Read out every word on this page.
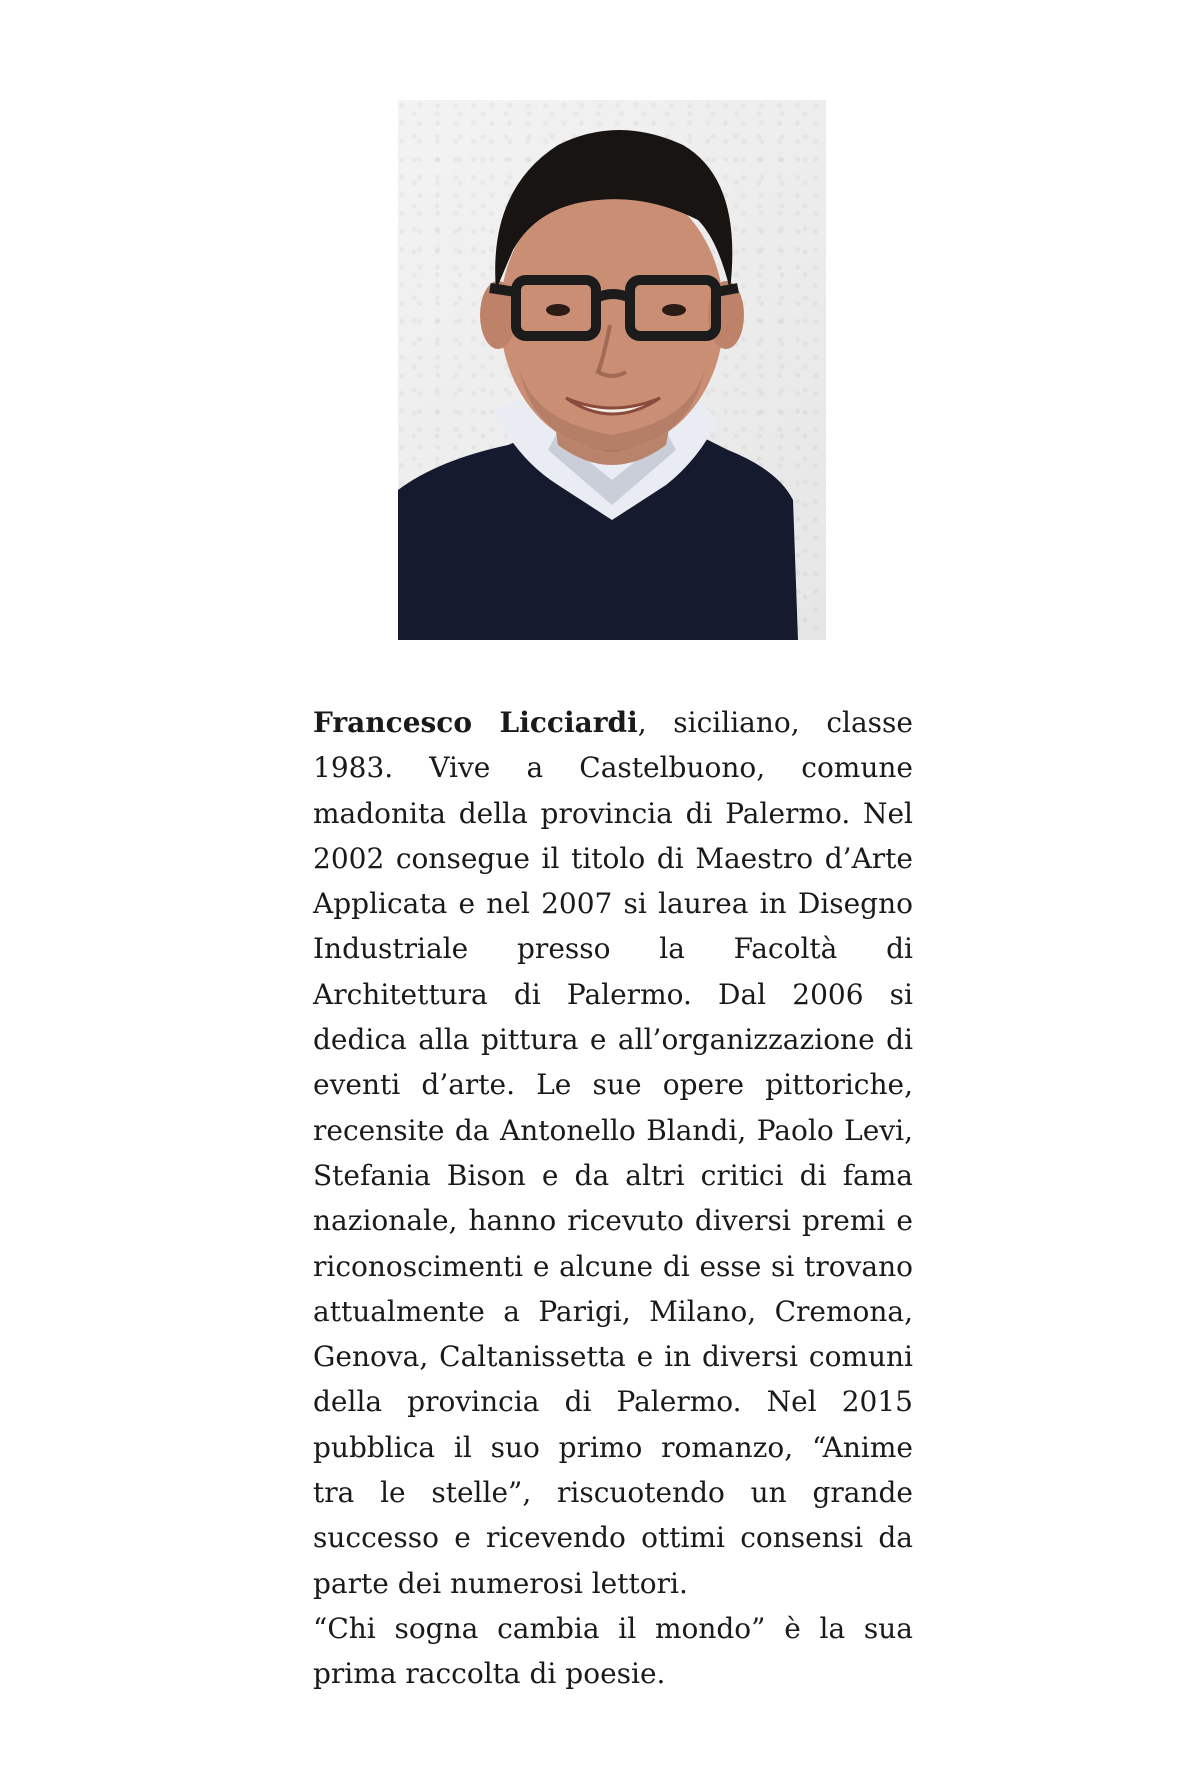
Francesco Licciardi, siciliano, classe 1983. Vive a Castelbuono, comune madonita della provincia di Palermo. Nel 2002 consegue il titolo di Maestro d’Arte Applicata e nel 2007 si laurea in Disegno Industriale presso la Facoltà di Architettura di Palermo. Dal 2006 si dedica alla pittura e all’organizzazione di eventi d’arte. Le sue opere pittoriche, recensite da Antonello Blandi, Paolo Levi, Stefania Bison e da altri critici di fama nazionale, hanno ricevuto diversi premi e riconoscimenti e alcune di esse si trovano attualmente a Parigi, Milano, Cremona, Genova, Caltanissetta e in diversi comuni della provincia di Palermo. Nel 2015 pubblica il suo primo romanzo, “Anime tra le stelle”, riscuotendo un grande successo e ricevendo ottimi consensi da parte dei numerosi lettori.

“Chi sogna cambia il mondo” è la sua prima raccolta di poesie.
